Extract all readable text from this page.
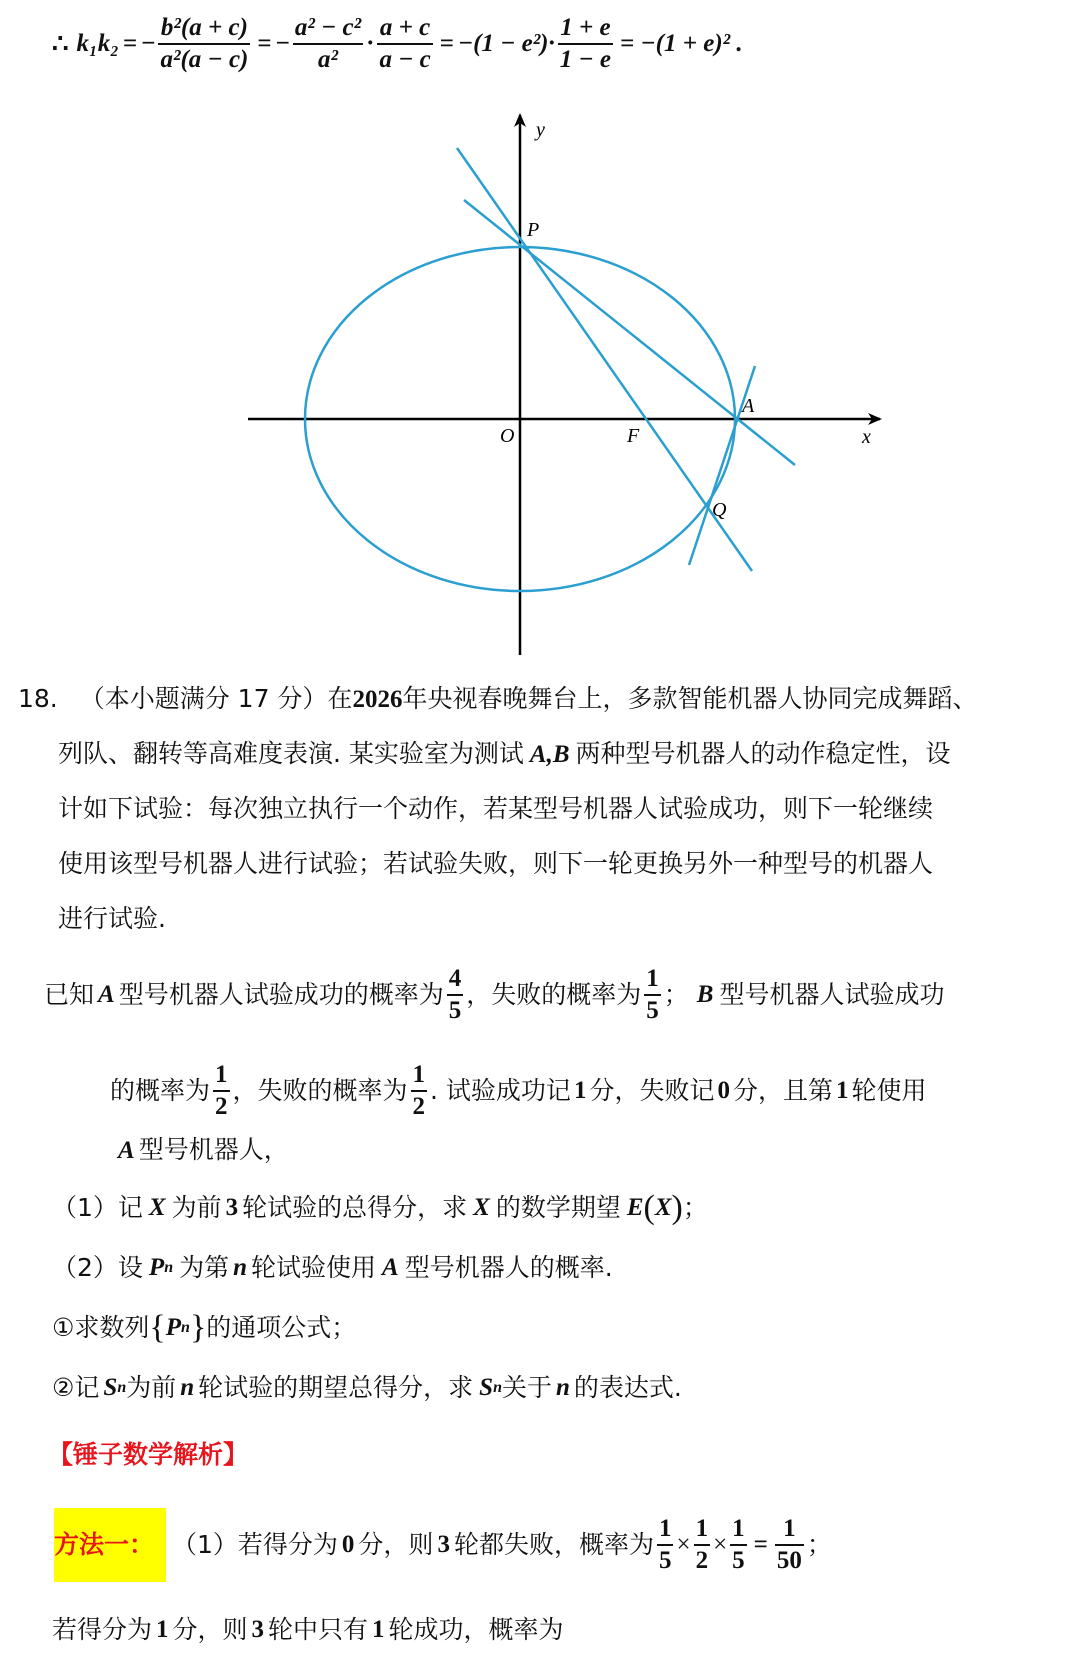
∴ k₁k₂ = − $\frac{\text{b²(a + c)}}{\text{a²(a − c)}}$ = − $\frac{\text{a² − c²}}{\text{a²}} \cdot \frac{a + c}{a - c} = -(1 - e^2)\cdot \frac{1 + e}{1 - e} = -(1 + e)^2$ .
y
x
P
O	F
A
Q
18. （本小题满分 17 分）在2026年央视春晚舞台上，多款智能机器人协同完成舞蹈、
列队、翻转等高难度表演. 某实验室为测试 A,B 两种型号机器人的动作稳定性，设
计如下试验：每次独立执行一个动作，若某型号机器人试验成功，则下一轮继续
使用该型号机器人进行试验；若试验失败，则下一轮更换另外一种型号的机器人
进行试验.
已知 A 型号机器人试验成功的概率为 $\frac{4}{5}$ ，失败的概率为 $\frac{1}{5}$ ； B 型号机器人试验成功
的概率为 $\frac{1}{2}$ ，失败的概率为 $\frac{1}{2}$ . 试验成功记 1 分，失败记 0 分，且第 1 轮使用
A 型号机器人，
（1）记 X 为前 3 轮试验的总得分，求 X 的数学期望 E ( X ) ；
（2）设 P n 为第 n 轮试验使用 A 型号机器人的概率.
①求数列 { P n } 的通项公式；
②记 S n 为前 n 轮试验的期望总得分，求 S n 关于 n 的表达式.
【锤子数学解析】
方法一： （1）若得分为 0 分，则 3 轮都失败，概率为 $\frac{1}{5} \times \frac{1}{2} \times \frac{1}{5} = \frac{1}{50}$ ；
若得分为 1 分，则 3 轮中只有 1 轮成功，概率为
